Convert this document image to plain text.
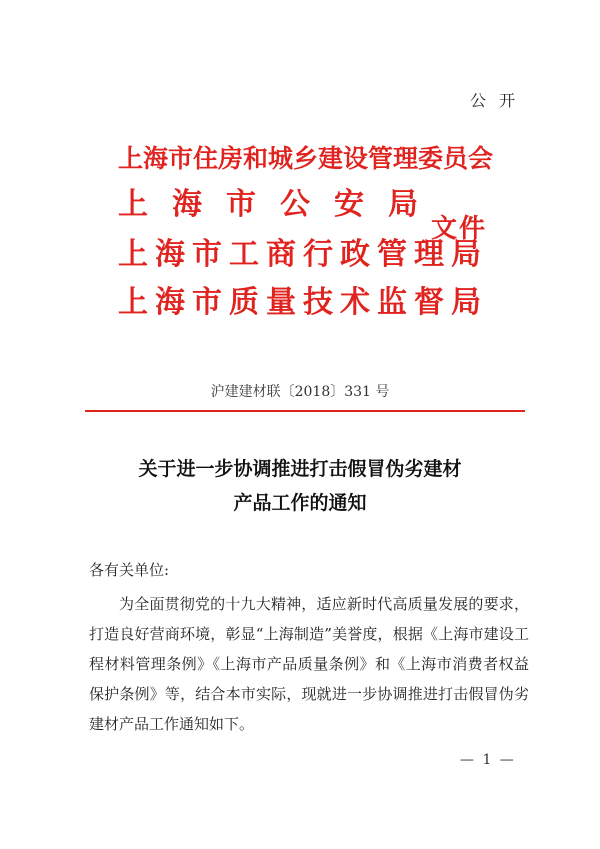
公 开
上海市住房和城乡建设管理委员会
上海市公安局
上海市工商行政管理局
上海市质量技术监督局
文件
沪建建材联〔2018〕331 号
关于进一步协调推进打击假冒伪劣建材
产品工作的通知
各有关单位:

为全面贯彻党的十九大精神，适应新时代高质量发展的要求，打造良好营商环境，彰显“上海制造”美誉度，根据《上海市建设工程材料管理条例》《上海市产品质量条例》和《上海市消费者权益保护条例》等，结合本市实际，现就进一步协调推进打击假冒伪劣建材产品工作通知如下。

— 1 —
